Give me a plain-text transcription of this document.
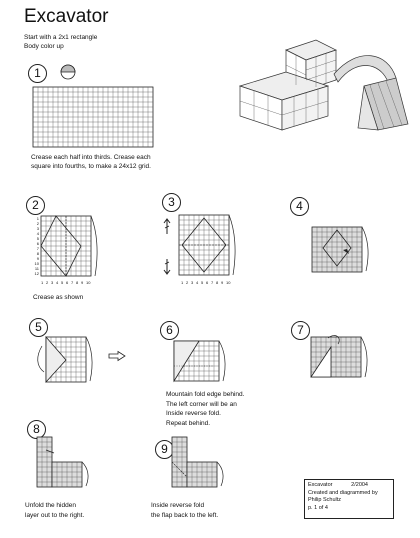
Excavator
Start with a 2x1 rectangle
Body color up
1
Crease each half into thirds. Crease each
square into fourths, to make a 24x12 grid.
2
1
2
3
4
5
6
7
8
9
10
11
12
1 2 3 4 5 6 7 8 9 10
Crease as shown
3
1 2 3 4 5 6 7 8 9 10
4
5	6
Mountain fold edge behind.
The left corner will be an
Inside reverse fold.
Repeat behind.
7
8
Unfold the hidden
layer out to the right.
9
Inside reverse fold
the flap back to the left.
Excavator	2/2004
Created and diagrammed by
Philip Schultz
p. 1 of 4
